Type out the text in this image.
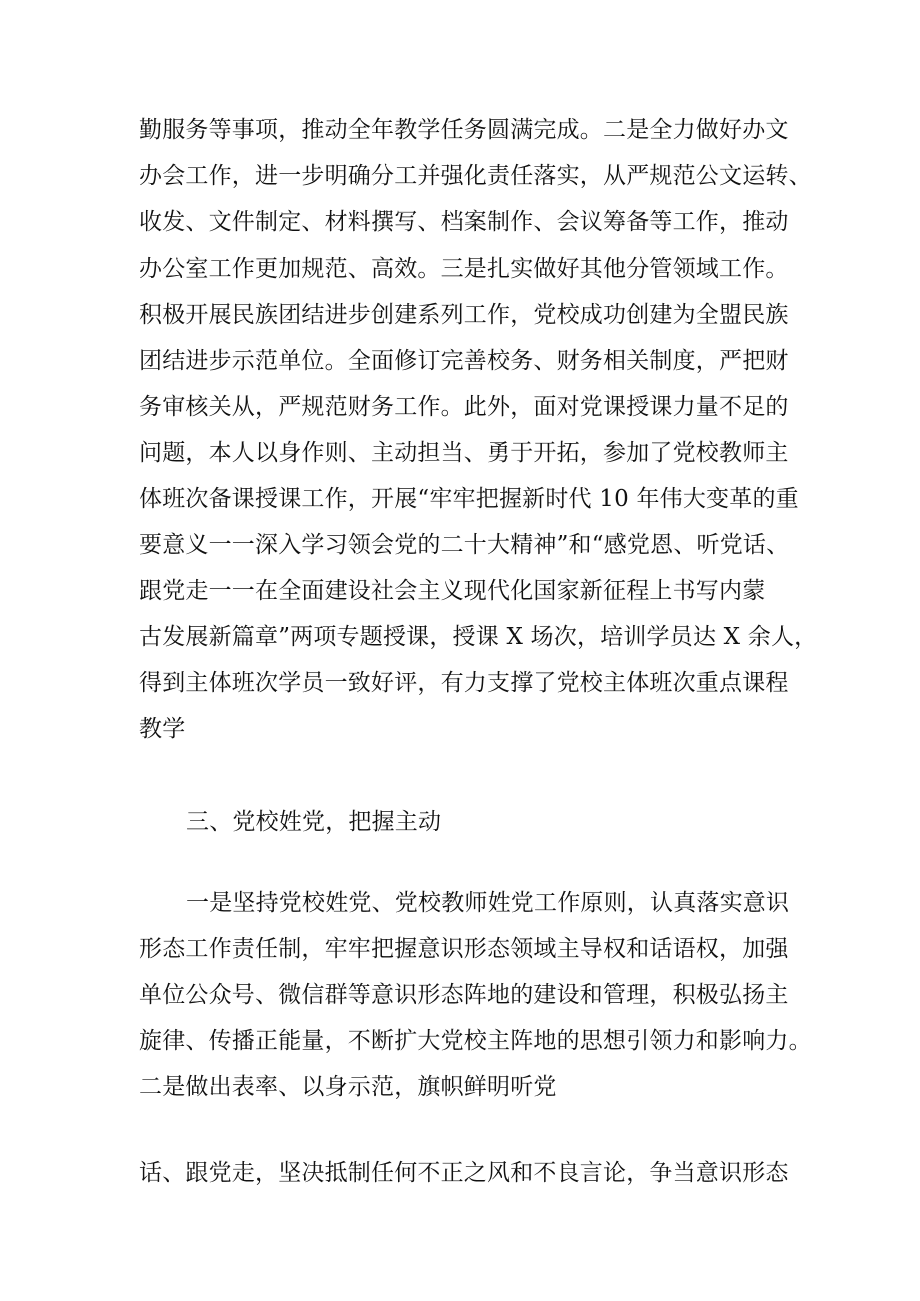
勤服务等事项，推动全年教学任务圆满完成。二是全力做好办文
办会工作，进一步明确分工并强化责任落实，从严规范公文运转、
收发、文件制定、材料撰写、档案制作、会议筹备等工作，推动
办公室工作更加规范、高效。三是扎实做好其他分管领域工作。
积极开展民族团结进步创建系列工作，党校成功创建为全盟民族
团结进步示范单位。全面修订完善校务、财务相关制度，严把财
务审核关从，严规范财务工作。此外，面对党课授课力量不足的
问题，本人以身作则、主动担当、勇于开拓，参加了党校教师主
体班次备课授课工作，开展“牢牢把握新时代 10 年伟大变革的重
要意义一一深入学习领会党的二十大精神”和“感党恩、听党话、
跟党走一一在全面建设社会主义现代化国家新征程上书写内蒙
古发展新篇章”两项专题授课，授课 X 场次，培训学员达 X 余人，
得到主体班次学员一致好评，有力支撑了党校主体班次重点课程
教学
三、党校姓党，把握主动
一是坚持党校姓党、党校教师姓党工作原则，认真落实意识
形态工作责任制，牢牢把握意识形态领域主导权和话语权，加强
单位公众号、微信群等意识形态阵地的建设和管理，积极弘扬主
旋律、传播正能量，不断扩大党校主阵地的思想引领力和影响力。
二是做出表率、以身示范，旗帜鲜明听党
话、跟党走，坚决抵制任何不正之风和不良言论，争当意识形态
